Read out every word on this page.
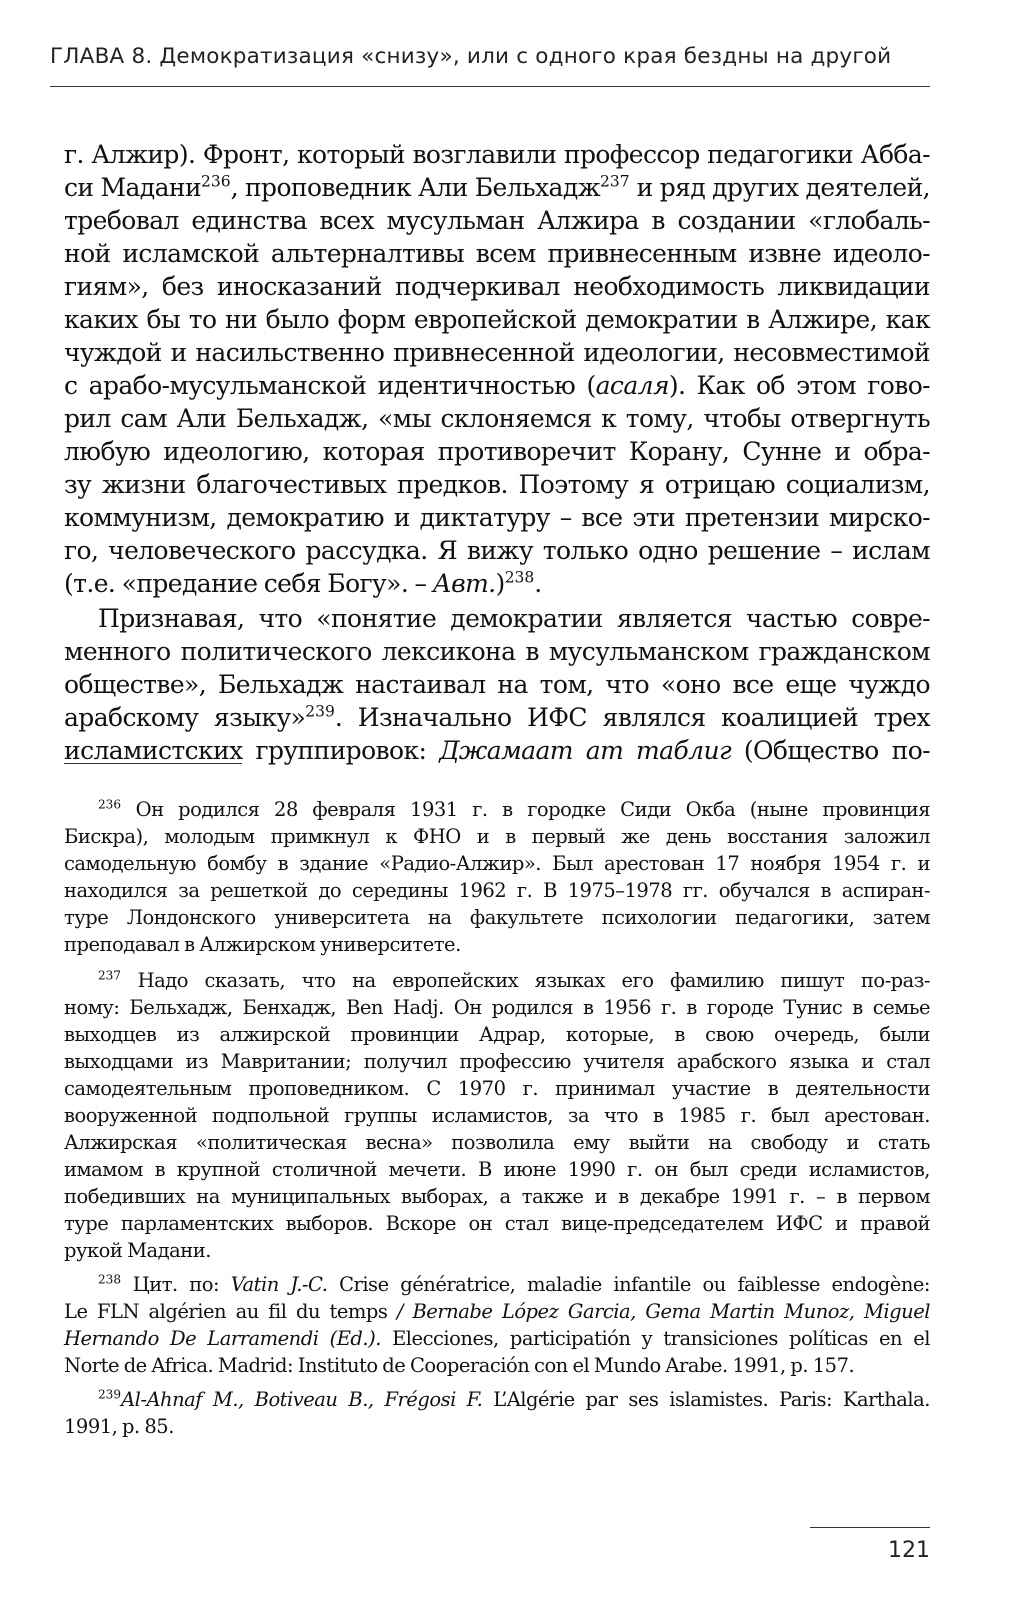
ГЛАВА 8. Демократизация «снизу», или с одного края бездны на другой
г. Алжир). Фронт, который возглавили профессор педагогики Абба-
си Мадани$^{236}$, проповедник Али Бельхадж$^{237}$ и ряд других деятелей,
требовал единства всех мусульман Алжира в создании «глобаль-
ной исламской альтерналтивы всем привнесенным извне идеоло-
гиям», без иносказаний подчеркивал необходимость ликвидации
каких бы то ни было форм европейской демократии в Алжире, как
чуждой и насильственно привнесенной идеологии, несовместимой
с арабо-мусульманской идентичностью (асаля). Как об этом гово-
рил сам Али Бельхадж, «мы склоняемся к тому, чтобы отвергнуть
любую идеологию, которая противоречит Корану, Сунне и обра-
зу жизни благочестивых предков. Поэтому я отрицаю социализм,
коммунизм, демократию и диктатуру – все эти претензии мирско-
го, человеческого рассудка. Я вижу только одно решение – ислам
(т.е. «предание себя Богу». – Авт.)$^{238}$.
Признавая, что «понятие демократии является частью совре-
менного политического лексикона в мусульманском гражданском
обществе», Бельхадж настаивал на том, что «оно все еще чуждо
арабскому языку»$^{239}$. Изначально ИФС являлся коалицией трех
исламистских группировок: Джамаат ат таблиг (Общество по-
$^{236}$ Он родился 28 февраля 1931 г. в городке Сиди Окба (ныне провинция
Бискра), молодым примкнул к ФНО и в первый же день восстания заложил
самодельную бомбу в здание «Радио-Алжир». Был арестован 17 ноября 1954 г. и
находился за решеткой до середины 1962 г. В 1975–1978 гг. обучался в аспиран-
туре Лондонского университета на факультете психологии педагогики, затем
преподавал в Алжирском университете.
$^{237}$ Надо сказать, что на европейских языках его фамилию пишут по-раз-
ному: Бельхадж, Бенхадж, Ben Hadj. Он родился в 1956 г. в городе Тунис в семье
выходцев из алжирской провинции Адрар, которые, в свою очередь, были
выходцами из Мавритании; получил профессию учителя арабского языка и стал
самодеятельным проповедником. С 1970 г. принимал участие в деятельности
вооруженной подпольной группы исламистов, за что в 1985 г. был арестован.
Алжирская «политическая весна» позволила ему выйти на свободу и стать
имамом в крупной столичной мечети. В июне 1990 г. он был среди исламистов,
победивших на муниципальных выборах, а также и в декабре 1991 г. – в первом
туре парламентских выборов. Вскоре он стал вице-председателем ИФС и правой
рукой Мадани.
$^{238}$ Цит. по: Vatin J.-C. Crise génératrice, maladie infantile ou faiblesse endogène:
Le FLN algérien au fil du temps / Bernabe López Garcia, Gema Martin Munoz, Miguel
Hernando De Larramendi (Ed.). Elecciones, participatión y transiciones políticas en el
Norte de Africa. Madrid: Instituto de Cooperación con el Mundo Arabe. 1991, p. 157.
$^{239}$Al-Ahnaf M., Botiveau B., Frégosi F. L’Algérie par ses islamistes. Paris: Karthala.
1991, p. 85.
121
